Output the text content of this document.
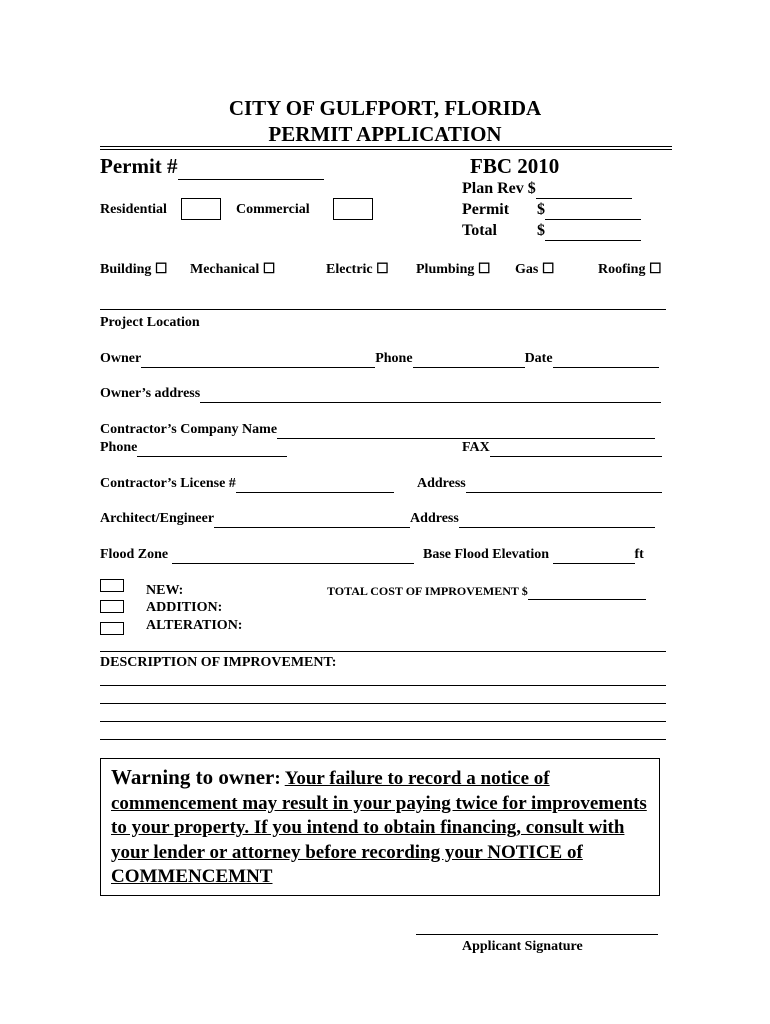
CITY OF GULFPORT, FLORIDA
PERMIT APPLICATION
Permit #	FBC 2010
Plan Rev $
Permit $
Total	$
Residential	Commercial
Building ☐ Mechanical ☐	Electric ☐ Plumbing ☐ Gas ☐	Roofing ☐
Project Location
Owner	Phone	Date
Owner’s address
Contractor’s Company Name
Phone	FAX
Contractor’s License #	Address
Architect/Engineer	Address
Flood Zone	Base Flood Elevation	ft
NEW:
ADDITION:
ALTERATION:
TOTAL COST OF IMPROVEMENT $
DESCRIPTION OF IMPROVEMENT:
Warning to owner: Your failure to record a notice of commencement may result in your paying twice for improvements to your property. If you intend to obtain financing, consult with your lender or attorney before recording your NOTICE of COMMENCEMNT
Applicant Signature
